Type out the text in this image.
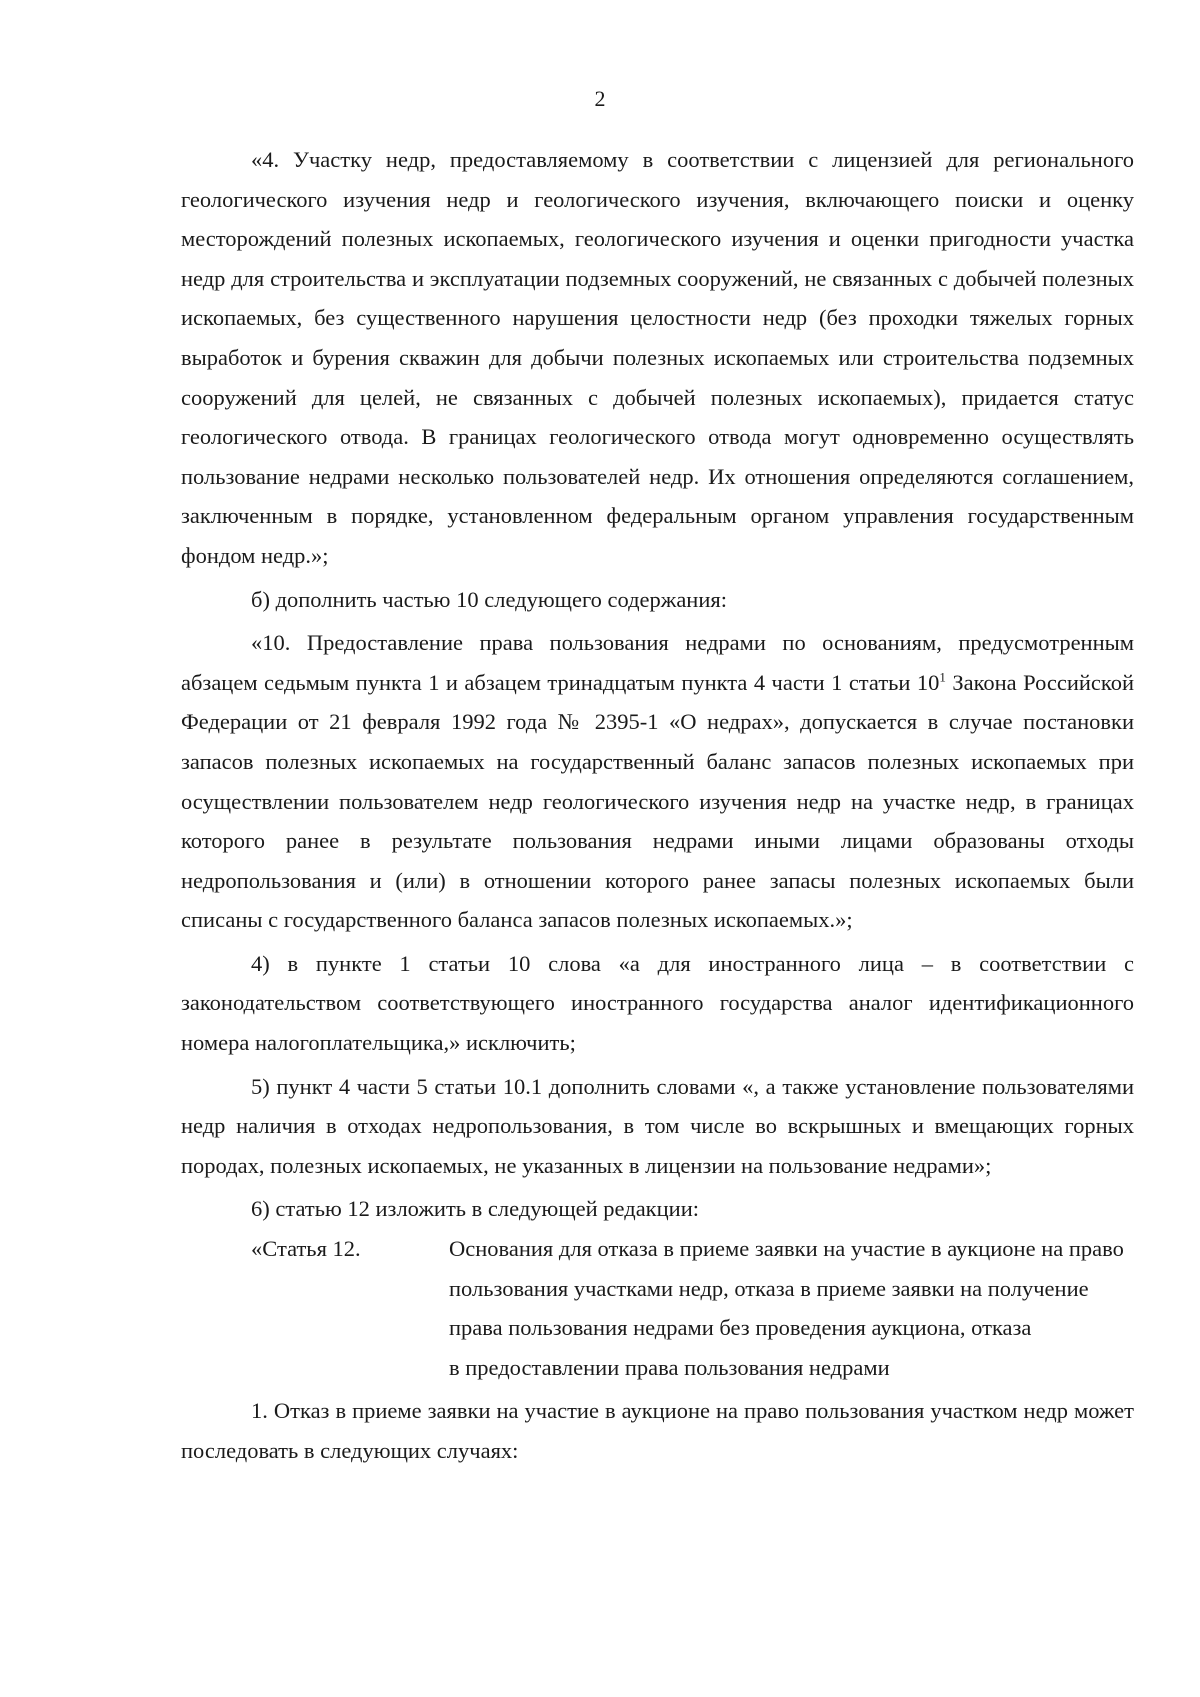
2

«4. Участку недр, предоставляемому в соответствии с лицензией для регионального геологического изучения недр и геологического изучения, включающего поиски и оценку месторождений полезных ископаемых, геологического изучения и оценки пригодности участка недр для строительства и эксплуатации подземных сооружений, не связанных с добычей полезных ископаемых, без существенного нарушения целостности недр (без проходки тяжелых горных выработок и бурения скважин для добычи полезных ископаемых или строительства подземных сооружений для целей, не связанных с добычей полезных ископаемых), придается статус геологического отвода. В границах геологического отвода могут одновременно осуществлять пользование недрами несколько пользователей недр. Их отношения определяются соглашением, заключенным в порядке, установленном федеральным органом управления государственным фондом недр.»;

б) дополнить частью 10 следующего содержания:

«10. Предоставление права пользования недрами по основаниям, предусмотренным абзацем седьмым пункта 1 и абзацем тринадцатым пункта 4 части 1 статьи $10^1$ Закона Российской Федерации от 21 февраля 1992 года № 2395-1 «О недрах», допускается в случае постановки запасов полезных ископаемых на государственный баланс запасов полезных ископаемых при осуществлении пользователем недр геологического изучения недр на участке недр, в границах которого ранее в результате пользования недрами иными лицами образованы отходы недропользования и (или) в отношении которого ранее запасы полезных ископаемых были списаны с государственного баланса запасов полезных ископаемых.»;

4) в пункте 1 статьи 10 слова «а для иностранного лица – в соответствии с законодательством соответствующего иностранного государства аналог идентификационного номера налогоплательщика,» исключить;

5) пункт 4 части 5 статьи 10.1 дополнить словами «, а также установление пользователями недр наличия в отходах недропользования, в том числе во вскрышных и вмещающих горных породах, полезных ископаемых, не указанных в лицензии на пользование недрами»;

6) статью 12 изложить в следующей редакции:

«Статья 12.	Основания для отказа в приеме заявки на участие в аукционе на право
пользования участками недр, отказа в приеме заявки на получение
права пользования недрами без проведения аукциона, отказа
в предоставлении права пользования недрами

1. Отказ в приеме заявки на участие в аукционе на право пользования участком недр может последовать в следующих случаях:
